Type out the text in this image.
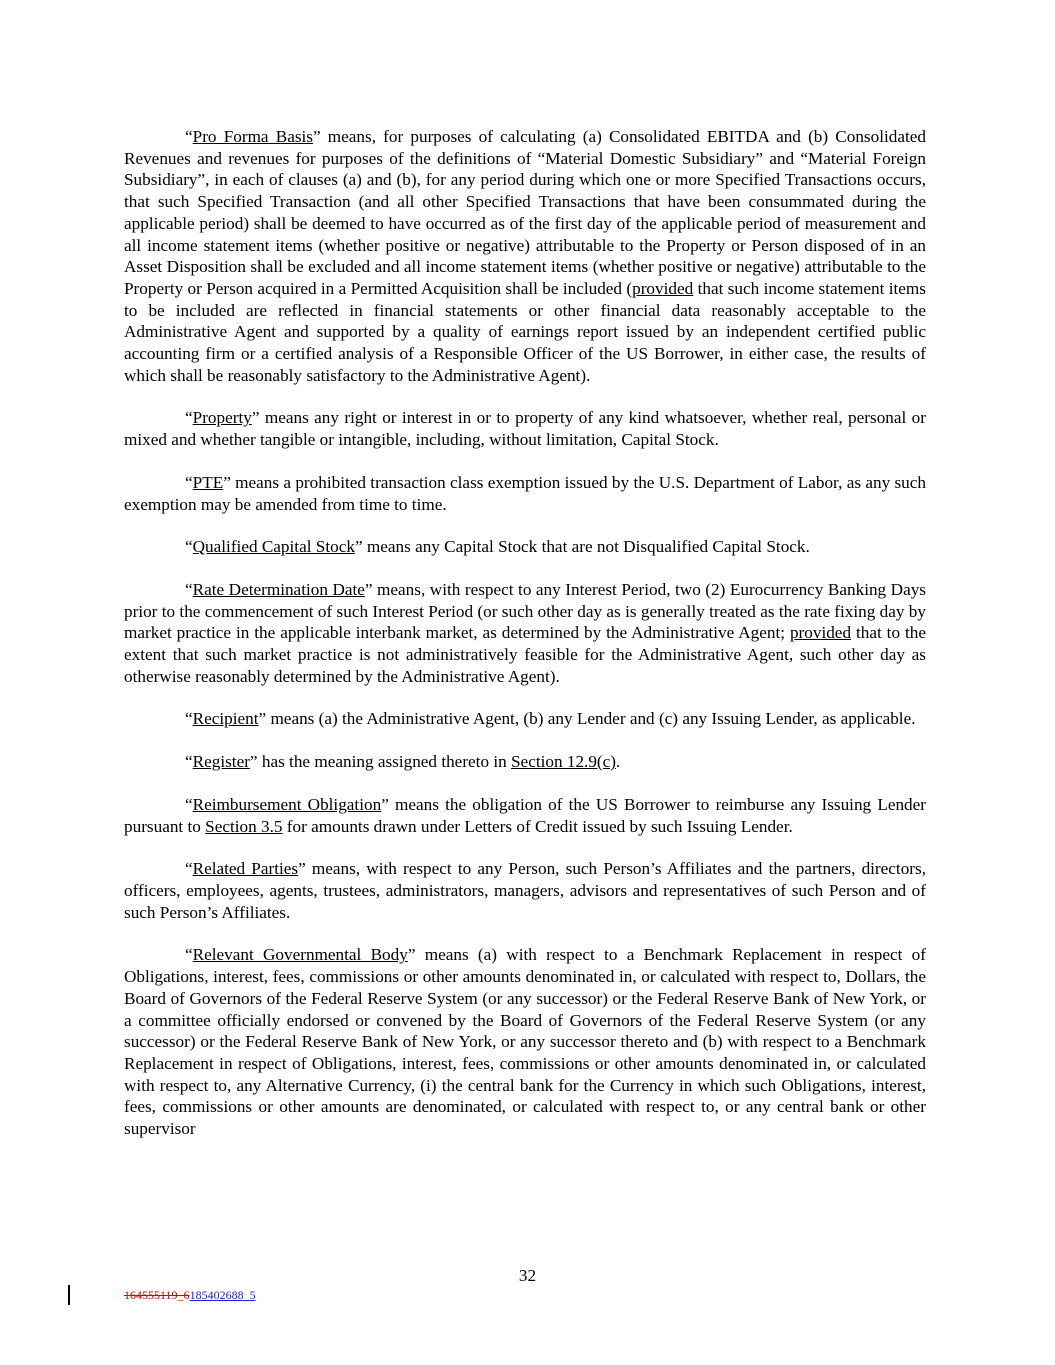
“Pro Forma Basis” means, for purposes of calculating (a) Consolidated EBITDA and (b) Consolidated Revenues and revenues for purposes of the definitions of “Material Domestic Subsidiary” and “Material Foreign Subsidiary”, in each of clauses (a) and (b), for any period during which one or more Specified Transactions occurs, that such Specified Transaction (and all other Specified Transactions that have been consummated during the applicable period) shall be deemed to have occurred as of the first day of the applicable period of measurement and all income statement items (whether positive or negative) attributable to the Property or Person disposed of in an Asset Disposition shall be excluded and all income statement items (whether positive or negative) attributable to the Property or Person acquired in a Permitted Acquisition shall be included (provided that such income statement items to be included are reflected in financial statements or other financial data reasonably acceptable to the Administrative Agent and supported by a quality of earnings report issued by an independent certified public accounting firm or a certified analysis of a Responsible Officer of the US Borrower, in either case, the results of which shall be reasonably satisfactory to the Administrative Agent).

“Property” means any right or interest in or to property of any kind whatsoever, whether real, personal or mixed and whether tangible or intangible, including, without limitation, Capital Stock.

“PTE” means a prohibited transaction class exemption issued by the U.S. Department of Labor, as any such exemption may be amended from time to time.

“Qualified Capital Stock” means any Capital Stock that are not Disqualified Capital Stock.

“Rate Determination Date” means, with respect to any Interest Period, two (2) Eurocurrency Banking Days prior to the commencement of such Interest Period (or such other day as is generally treated as the rate fixing day by market practice in the applicable interbank market, as determined by the Administrative Agent; provided that to the extent that such market practice is not administratively feasible for the Administrative Agent, such other day as otherwise reasonably determined by the Administrative Agent).

“Recipient” means (a) the Administrative Agent, (b) any Lender and (c) any Issuing Lender, as applicable.

“Register” has the meaning assigned thereto in Section 12.9(c).

“Reimbursement Obligation” means the obligation of the US Borrower to reimburse any Issuing Lender pursuant to Section 3.5 for amounts drawn under Letters of Credit issued by such Issuing Lender.

“Related Parties” means, with respect to any Person, such Person’s Affiliates and the partners, directors, officers, employees, agents, trustees, administrators, managers, advisors and representatives of such Person and of such Person’s Affiliates.

“Relevant Governmental Body” means (a) with respect to a Benchmark Replacement in respect of Obligations, interest, fees, commissions or other amounts denominated in, or calculated with respect to, Dollars, the Board of Governors of the Federal Reserve System (or any successor) or the Federal Reserve Bank of New York, or a committee officially endorsed or convened by the Board of Governors of the Federal Reserve System (or any successor) or the Federal Reserve Bank of New York, or any successor thereto and (b) with respect to a Benchmark Replacement in respect of Obligations, interest, fees, commissions or other amounts denominated in, or calculated with respect to, any Alternative Currency, (i) the central bank for the Currency in which such Obligations, interest, fees, commissions or other amounts are denominated, or calculated with respect to, or any central bank or other supervisor

32
164555119_6185402688_5
